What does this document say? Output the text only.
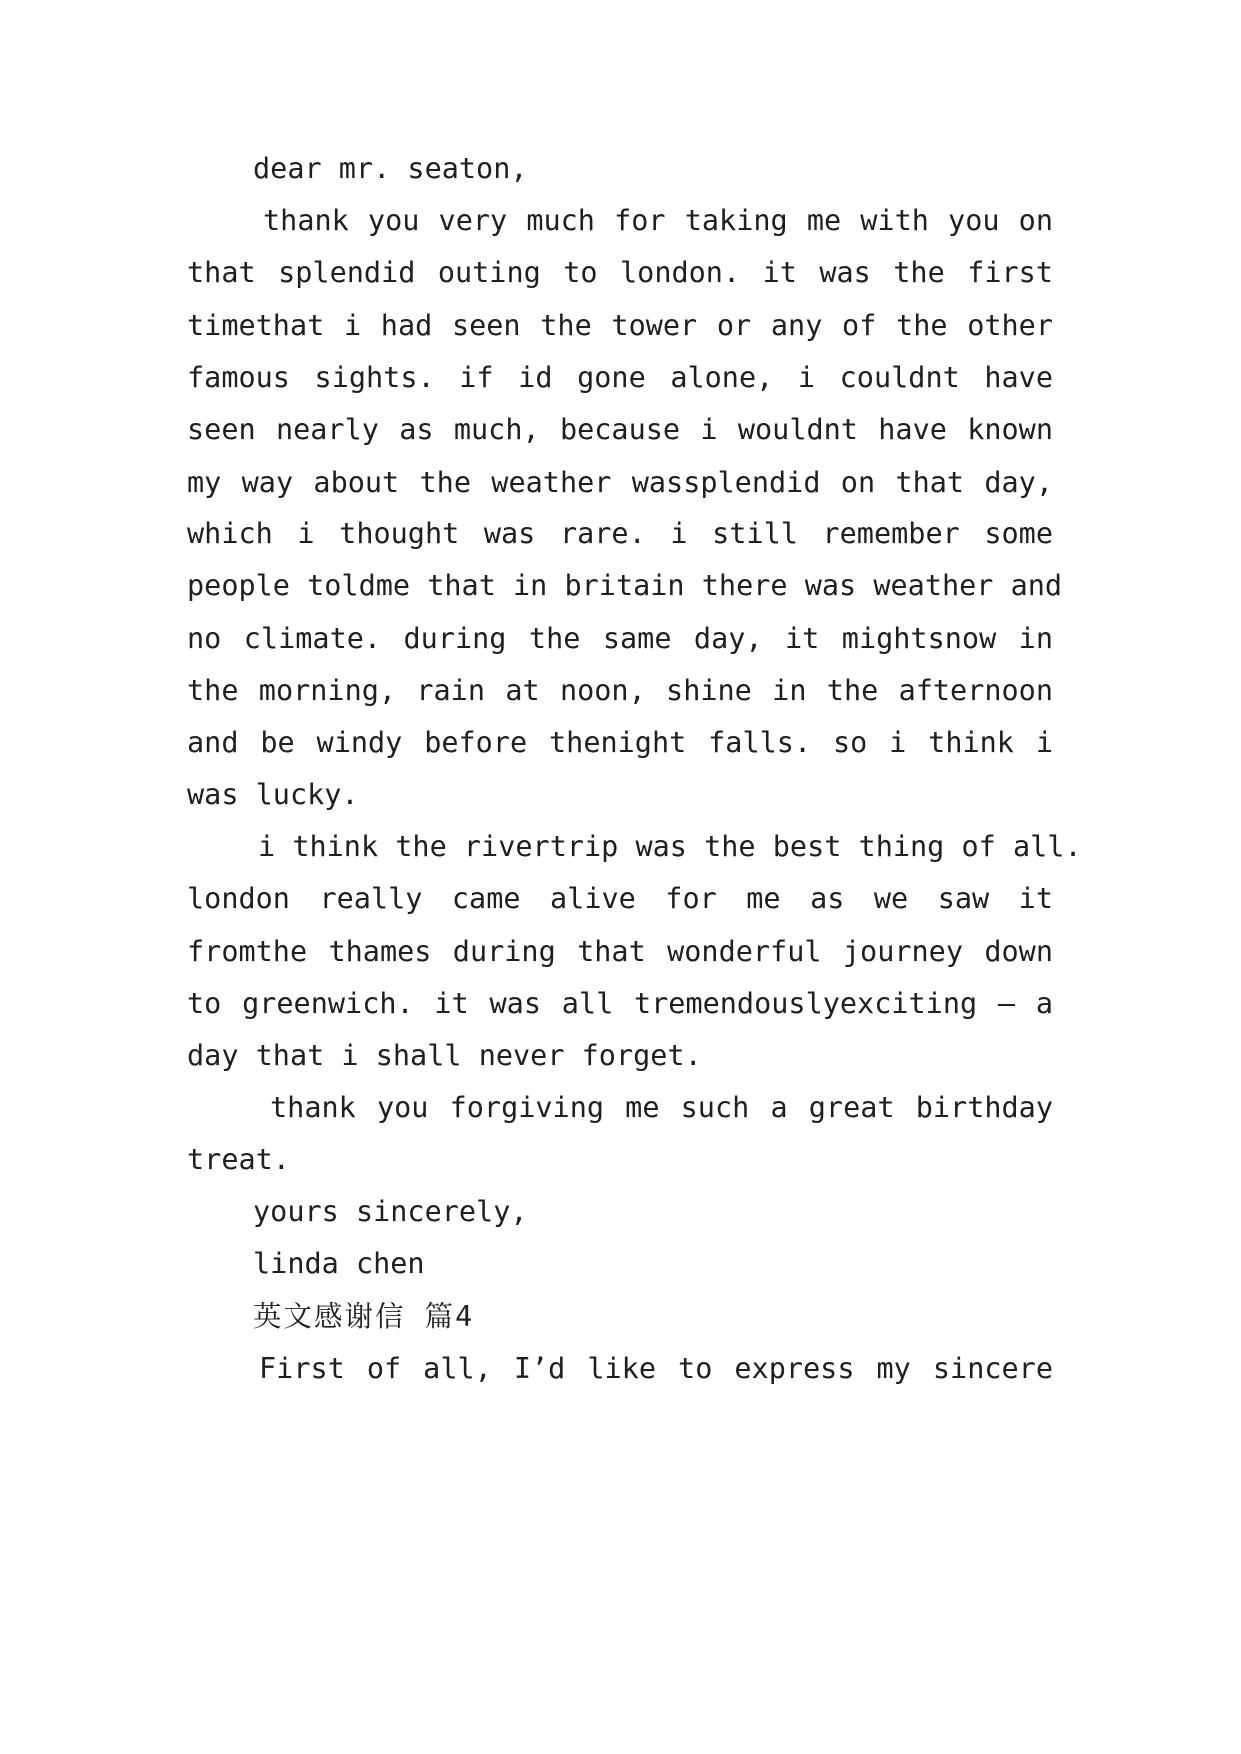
dear mr. seaton,
thank you very much for taking me with you on
that splendid outing to london. it was the first
timethat i had seen the tower or any of the other
famous sights. if id gone alone, i couldnt have
seen nearly as much, because i wouldnt have known
my way about the weather wassplendid on that day,
which i thought was rare. i still remember some
people toldme that in britain there was weather and
no climate. during the same day, it mightsnow in
the morning, rain at noon, shine in the afternoon
and be windy before thenight falls. so i think i
was lucky.
i think the rivertrip was the best thing of all.
london really came alive for me as we saw it
fromthe thames during that wonderful journey down
to greenwich. it was all tremendouslyexciting — a
day that i shall never forget.
thank you forgiving me such a great birthday
treat.
yours sincerely,
linda chen
英文感谢信 篇4
First of all, I’d like to express my sincere
